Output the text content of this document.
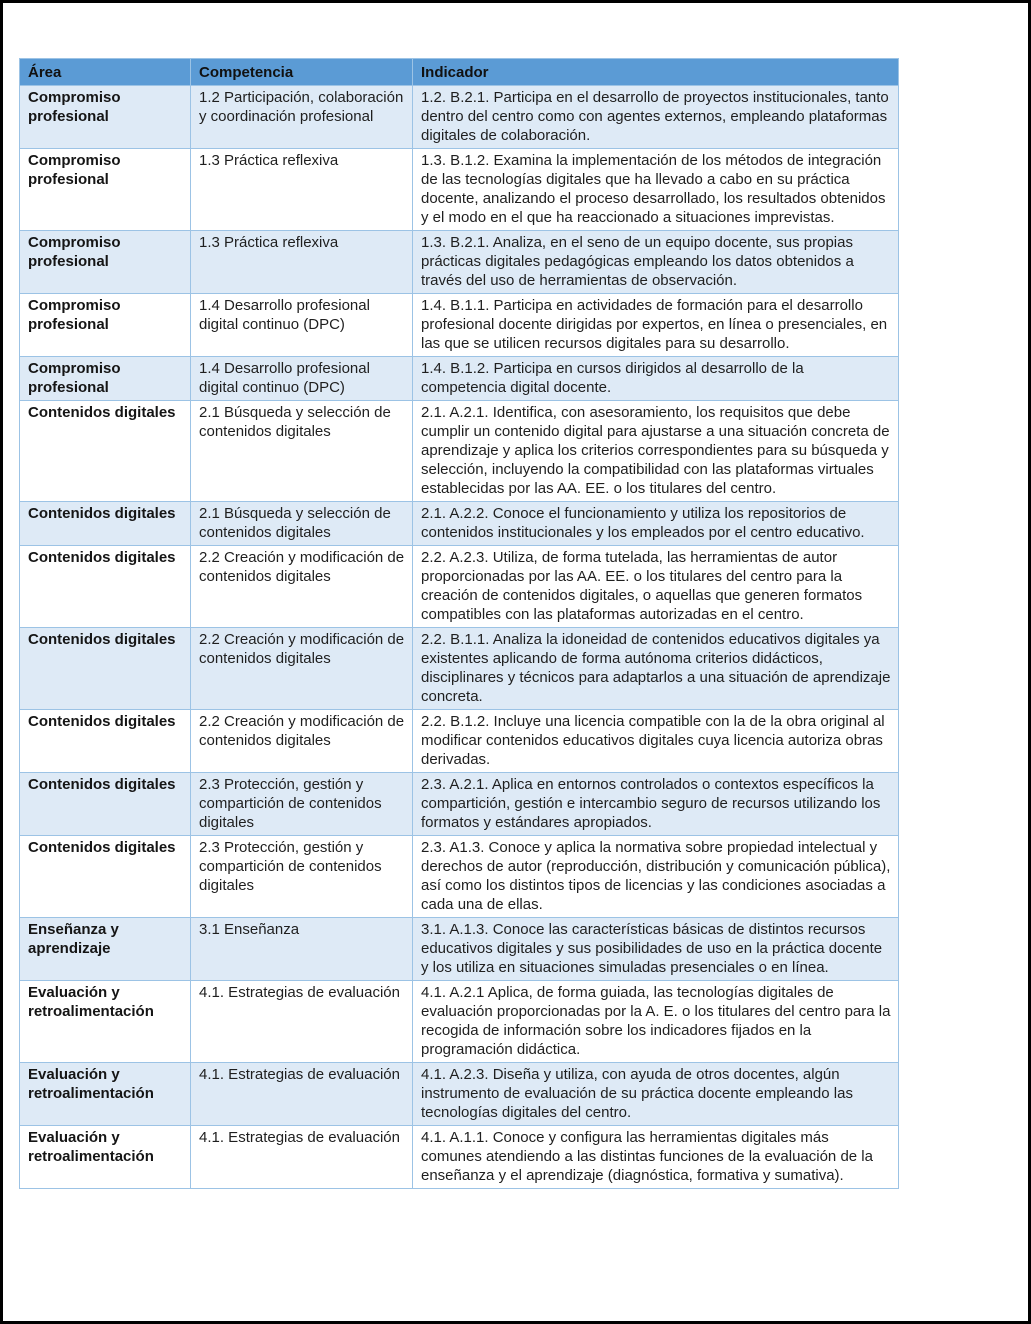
Área	Competencia	Indicador
Compromiso profesional	1.2 Participación, colaboración y coordinación profesional	1.2. B.2.1. Participa en el desarrollo de proyectos institucionales, tanto dentro del centro como con agentes externos, empleando plataformas digitales de colaboración.
Compromiso profesional	1.3 Práctica reflexiva	1.3. B.1.2. Examina la implementación de los métodos de integración de las tecnologías digitales que ha llevado a cabo en su práctica docente, analizando el proceso desarrollado, los resultados obtenidos y el modo en el que ha reaccionado a situaciones imprevistas.
Compromiso profesional	1.3 Práctica reflexiva	1.3. B.2.1. Analiza, en el seno de un equipo docente, sus propias prácticas digitales pedagógicas empleando los datos obtenidos a través del uso de herramientas de observación.
Compromiso profesional	1.4 Desarrollo profesional digital continuo (DPC)	1.4. B.1.1. Participa en actividades de formación para el desarrollo profesional docente dirigidas por expertos, en línea o presenciales, en las que se utilicen recursos digitales para su desarrollo.
Compromiso profesional	1.4 Desarrollo profesional digital continuo (DPC)	1.4. B.1.2. Participa en cursos dirigidos al desarrollo de la competencia digital docente.
Contenidos digitales	2.1 Búsqueda y selección de contenidos digitales	2.1. A.2.1. Identifica, con asesoramiento, los requisitos que debe cumplir un contenido digital para ajustarse a una situación concreta de aprendizaje y aplica los criterios correspondientes para su búsqueda y selección, incluyendo la compatibilidad con las plataformas virtuales establecidas por las AA. EE. o los titulares del centro.
Contenidos digitales	2.1 Búsqueda y selección de contenidos digitales	2.1. A.2.2. Conoce el funcionamiento y utiliza los repositorios de contenidos institucionales y los empleados por el centro educativo.
Contenidos digitales	2.2 Creación y modificación de contenidos digitales	2.2. A.2.3. Utiliza, de forma tutelada, las herramientas de autor proporcionadas por las AA. EE. o los titulares del centro para la creación de contenidos digitales, o aquellas que generen formatos compatibles con las plataformas autorizadas en el centro.
Contenidos digitales	2.2 Creación y modificación de contenidos digitales	2.2. B.1.1. Analiza la idoneidad de contenidos educativos digitales ya existentes aplicando de forma autónoma criterios didácticos, disciplinares y técnicos para adaptarlos a una situación de aprendizaje concreta.
Contenidos digitales	2.2 Creación y modificación de contenidos digitales	2.2. B.1.2. Incluye una licencia compatible con la de la obra original al modificar contenidos educativos digitales cuya licencia autoriza obras derivadas.
Contenidos digitales	2.3 Protección, gestión y compartición de contenidos digitales	2.3. A.2.1. Aplica en entornos controlados o contextos específicos la compartición, gestión e intercambio seguro de recursos utilizando los formatos y estándares apropiados.
Contenidos digitales	2.3 Protección, gestión y compartición de contenidos digitales	2.3. A1.3. Conoce y aplica la normativa sobre propiedad intelectual y derechos de autor (reproducción, distribución y comunicación pública), así como los distintos tipos de licencias y las condiciones asociadas a cada una de ellas.
Enseñanza y aprendizaje	3.1 Enseñanza	3.1. A.1.3. Conoce las características básicas de distintos recursos educativos digitales y sus posibilidades de uso en la práctica docente y los utiliza en situaciones simuladas presenciales o en línea.
Evaluación y retroalimentación	4.1. Estrategias de evaluación	4.1. A.2.1 Aplica, de forma guiada, las tecnologías digitales de evaluación proporcionadas por la A. E. o los titulares del centro para la recogida de información sobre los indicadores fijados en la programación didáctica.
Evaluación y retroalimentación	4.1. Estrategias de evaluación	4.1. A.2.3. Diseña y utiliza, con ayuda de otros docentes, algún instrumento de evaluación de su práctica docente empleando las tecnologías digitales del centro.
Evaluación y retroalimentación	4.1. Estrategias de evaluación	4.1. A.1.1. Conoce y configura las herramientas digitales más comunes atendiendo a las distintas funciones de la evaluación de la enseñanza y el aprendizaje (diagnóstica, formativa y sumativa).
